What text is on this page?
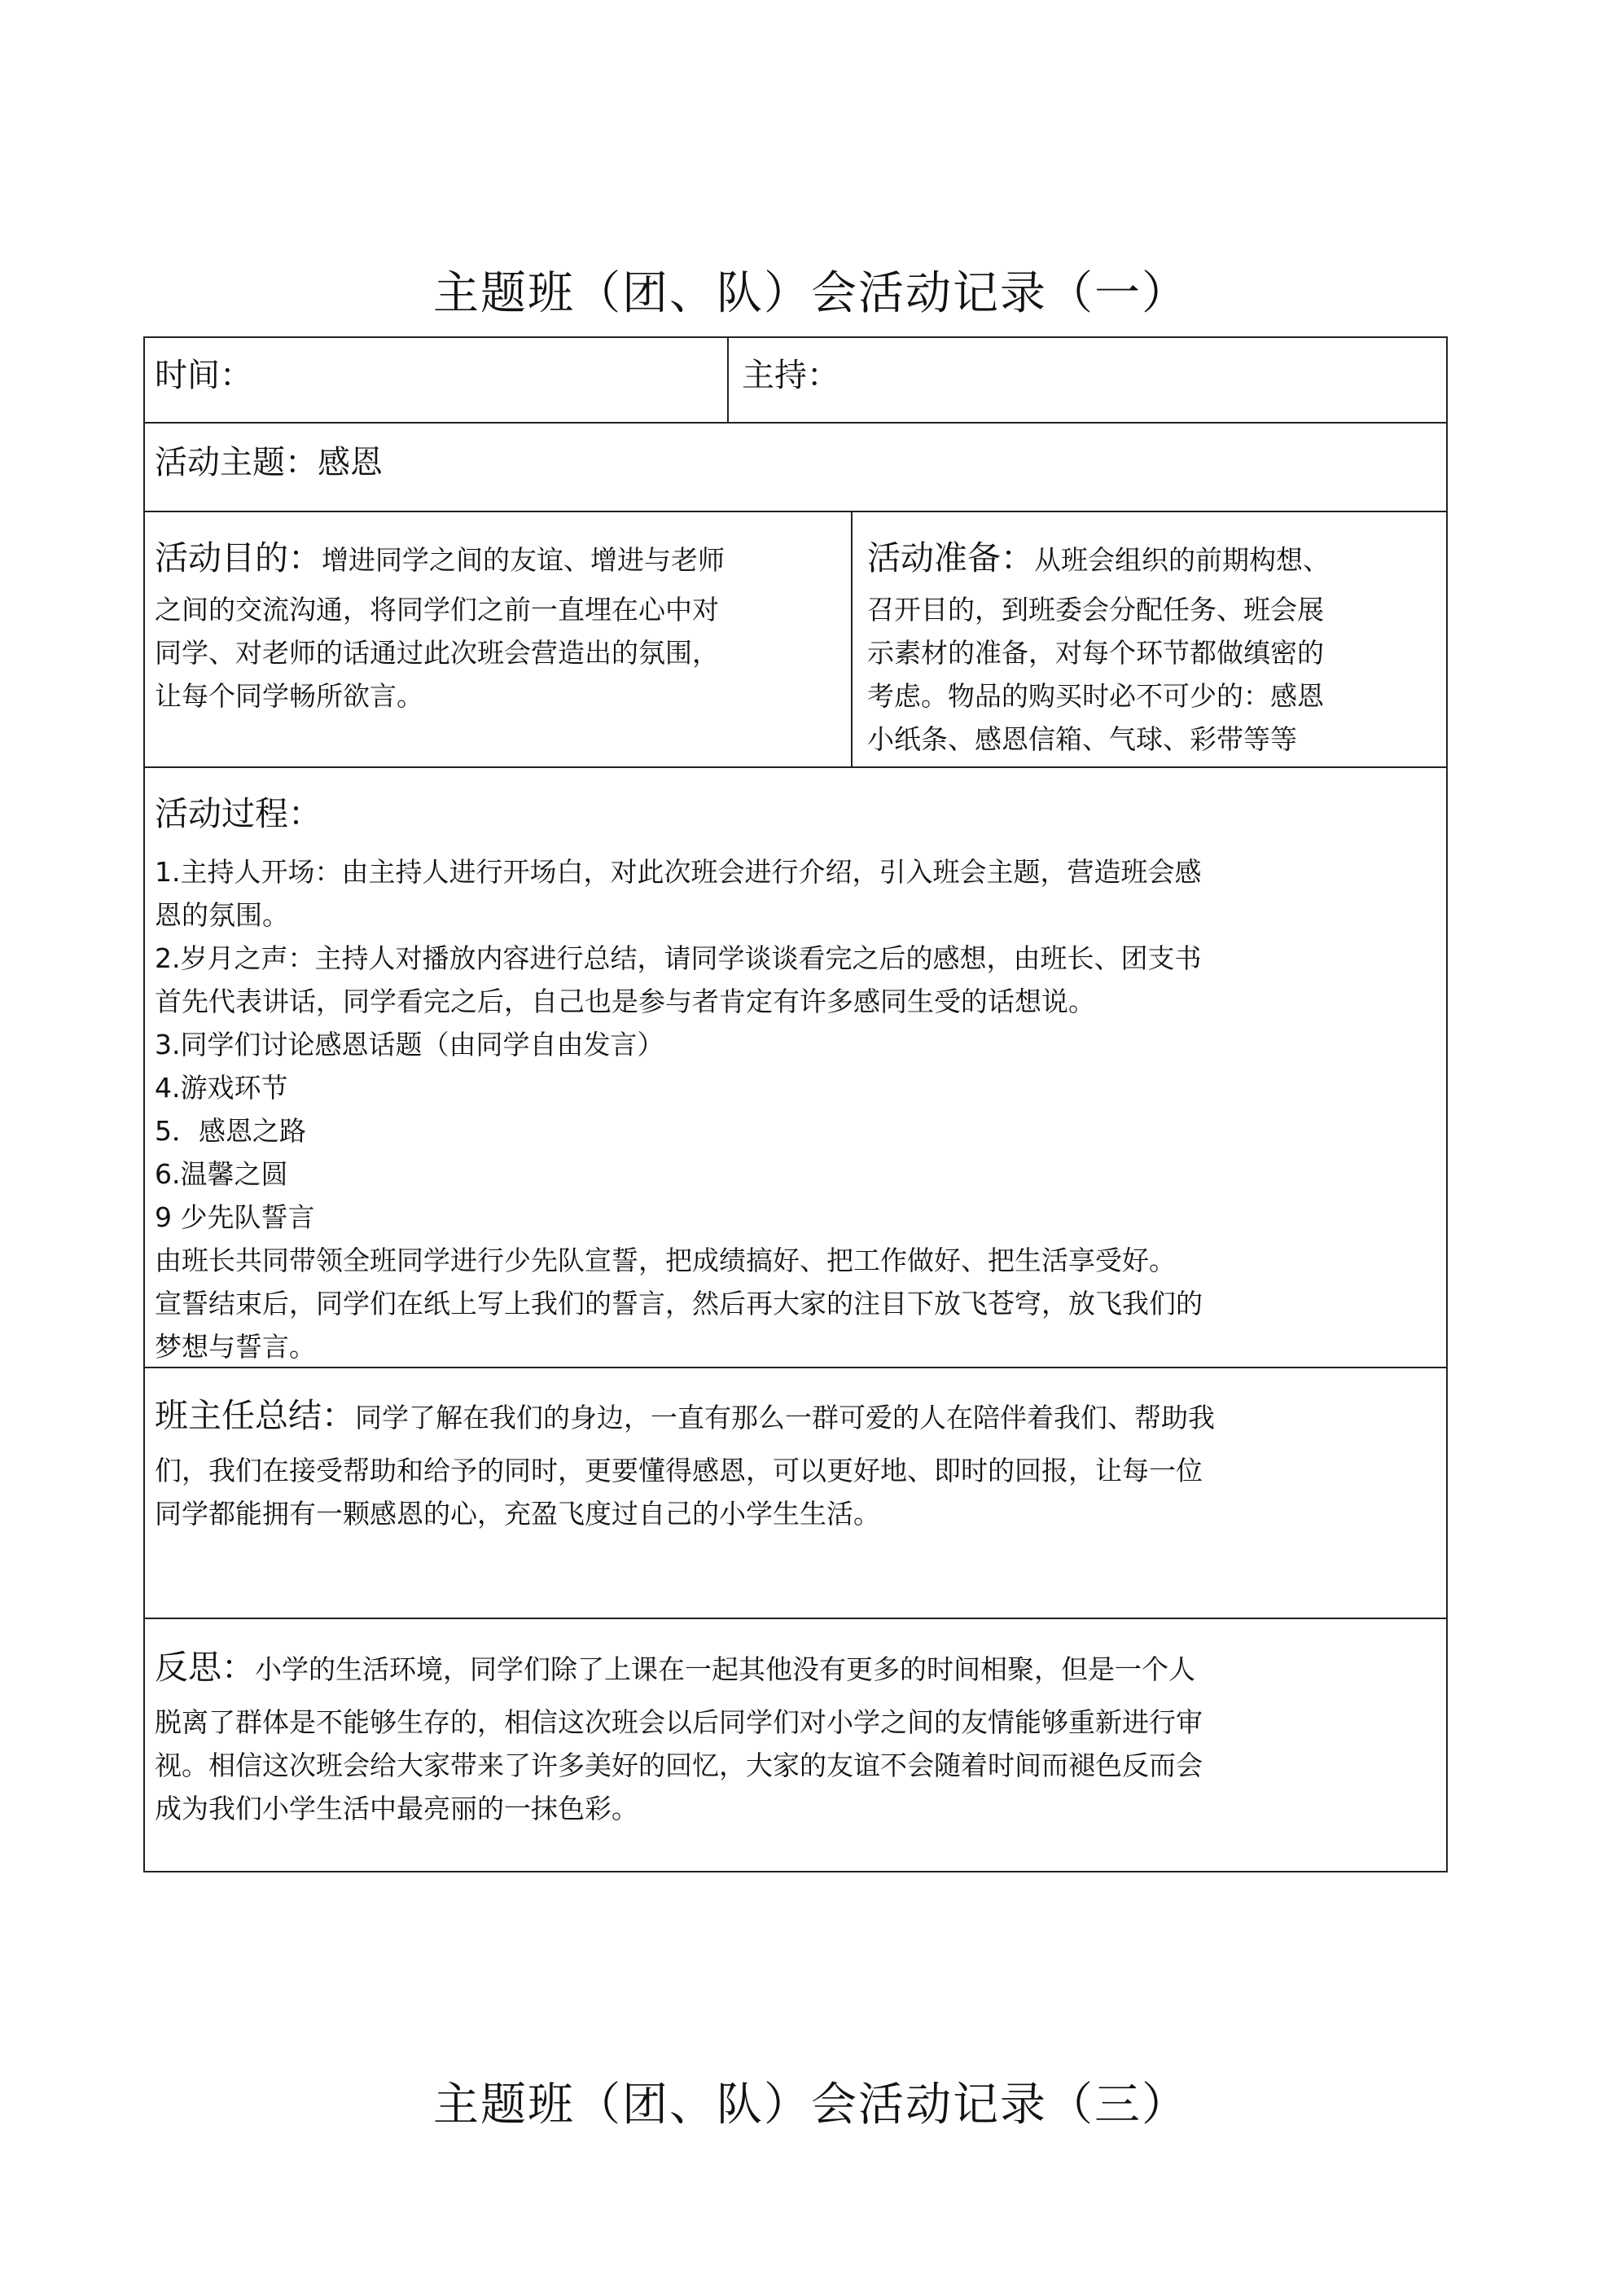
主题班（团、队）会活动记录（一）
时间：	主持：
活动主题：感恩
活动目的：增进同学之间的友谊、增进与老师
之间的交流沟通，将同学们之前一直埋在心中对
同学、对老师的话通过此次班会营造出的氛围，
让每个同学畅所欲言。
活动准备：从班会组织的前期构想、
召开目的，到班委会分配任务、班会展
示素材的准备，对每个环节都做缜密的
考虑。物品的购买时必不可少的：感恩
小纸条、感恩信箱、气球、彩带等等
活动过程：
1.主持人开场：由主持人进行开场白，对此次班会进行介绍，引入班会主题，营造班会感
恩的氛围。
2.岁月之声：主持人对播放内容进行总结，请同学谈谈看完之后的感想，由班长、团支书
首先代表讲话，同学看完之后，自己也是参与者肯定有许多感同生受的话想说。
3.同学们讨论感恩话题（由同学自由发言）
4.游戏环节
5．感恩之路
6.温馨之圆
9 少先队誓言
由班长共同带领全班同学进行少先队宣誓，把成绩搞好、把工作做好、把生活享受好。
宣誓结束后，同学们在纸上写上我们的誓言，然后再大家的注目下放飞苍穹，放飞我们的
梦想与誓言。
班主任总结：同学了解在我们的身边，一直有那么一群可爱的人在陪伴着我们、帮助我
们，我们在接受帮助和给予的同时，更要懂得感恩，可以更好地、即时的回报，让每一位
同学都能拥有一颗感恩的心，充盈飞度过自己的小学生生活。
反思：小学的生活环境，同学们除了上课在一起其他没有更多的时间相聚，但是一个人
脱离了群体是不能够生存的，相信这次班会以后同学们对小学之间的友情能够重新进行审
视。相信这次班会给大家带来了许多美好的回忆，大家的友谊不会随着时间而褪色反而会
成为我们小学生活中最亮丽的一抹色彩。
主题班（团、队）会活动记录（三）
